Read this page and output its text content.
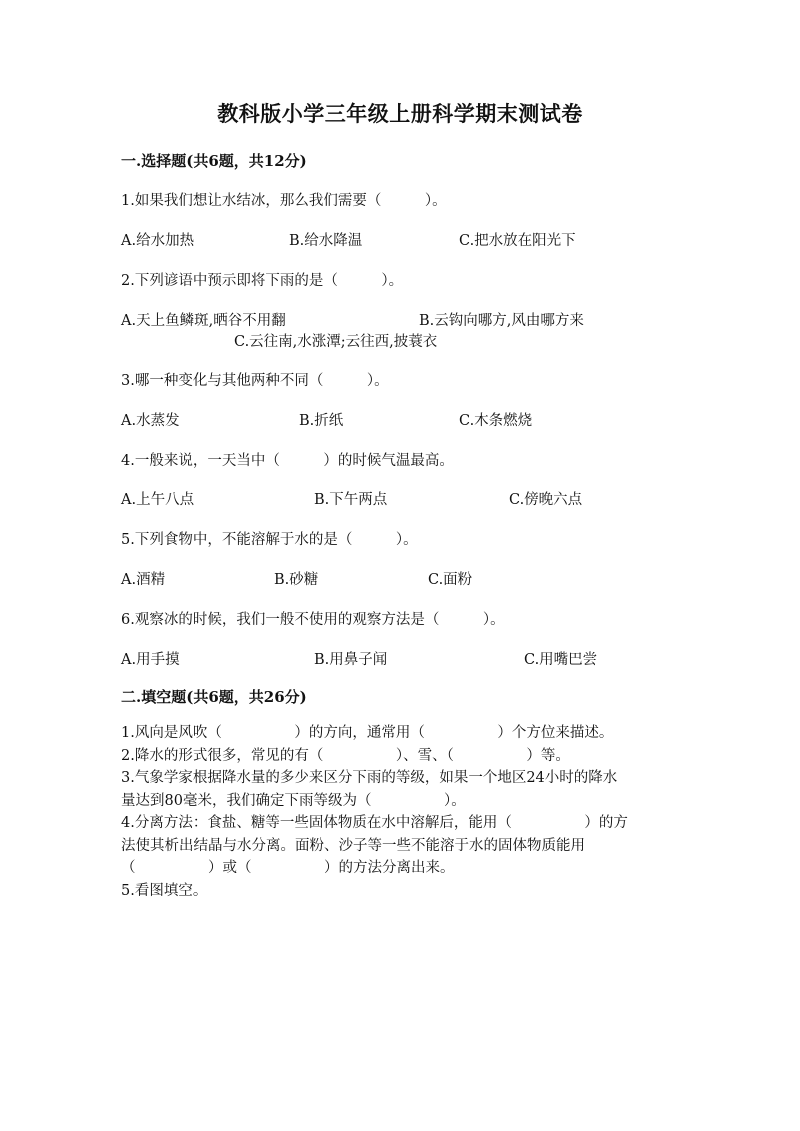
教科版小学三年级上册科学期末测试卷
一.选择题(共6题，共12分)
1.如果我们想让水结冰，那么我们需要（　　　）。
A.给水加热	B.给水降温	C.把水放在阳光下
2.下列谚语中预示即将下雨的是（　　　）。
A.天上鱼鳞斑,晒谷不用翻	B.云钩向哪方,风由哪方来
C.云往南,水涨潭;云往西,披蓑衣
3.哪一种变化与其他两种不同（　　　）。
A.水蒸发	B.折纸	C.木条燃烧
4.一般来说，一天当中（　　　）的时候气温最高。
A.上午八点	B.下午两点	C.傍晚六点
5.下列食物中，不能溶解于水的是（　　　）。
A.酒精	B.砂糖	C.面粉
6.观察冰的时候，我们一般不使用的观察方法是（　　　）。
A.用手摸	B.用鼻子闻	C.用嘴巴尝
二.填空题(共6题，共26分)

1.风向是风吹（　　　　　）的方向，通常用（　　　　　）个方位来描述。

2.降水的形式很多，常见的有（　　　　　）、雪、（　　　　　）等。

3.气象学家根据降水量的多少来区分下雨的等级，如果一个地区24小时的降水

量达到80毫米，我们确定下雨等级为（　　　　　）。

4.分离方法：食盐、糖等一些固体物质在水中溶解后，能用（　　　　　）的方

法使其析出结晶与水分离。面粉、沙子等一些不能溶于水的固体物质能用

（　　　　　）或（　　　　　）的方法分离出来。

5.看图填空。
